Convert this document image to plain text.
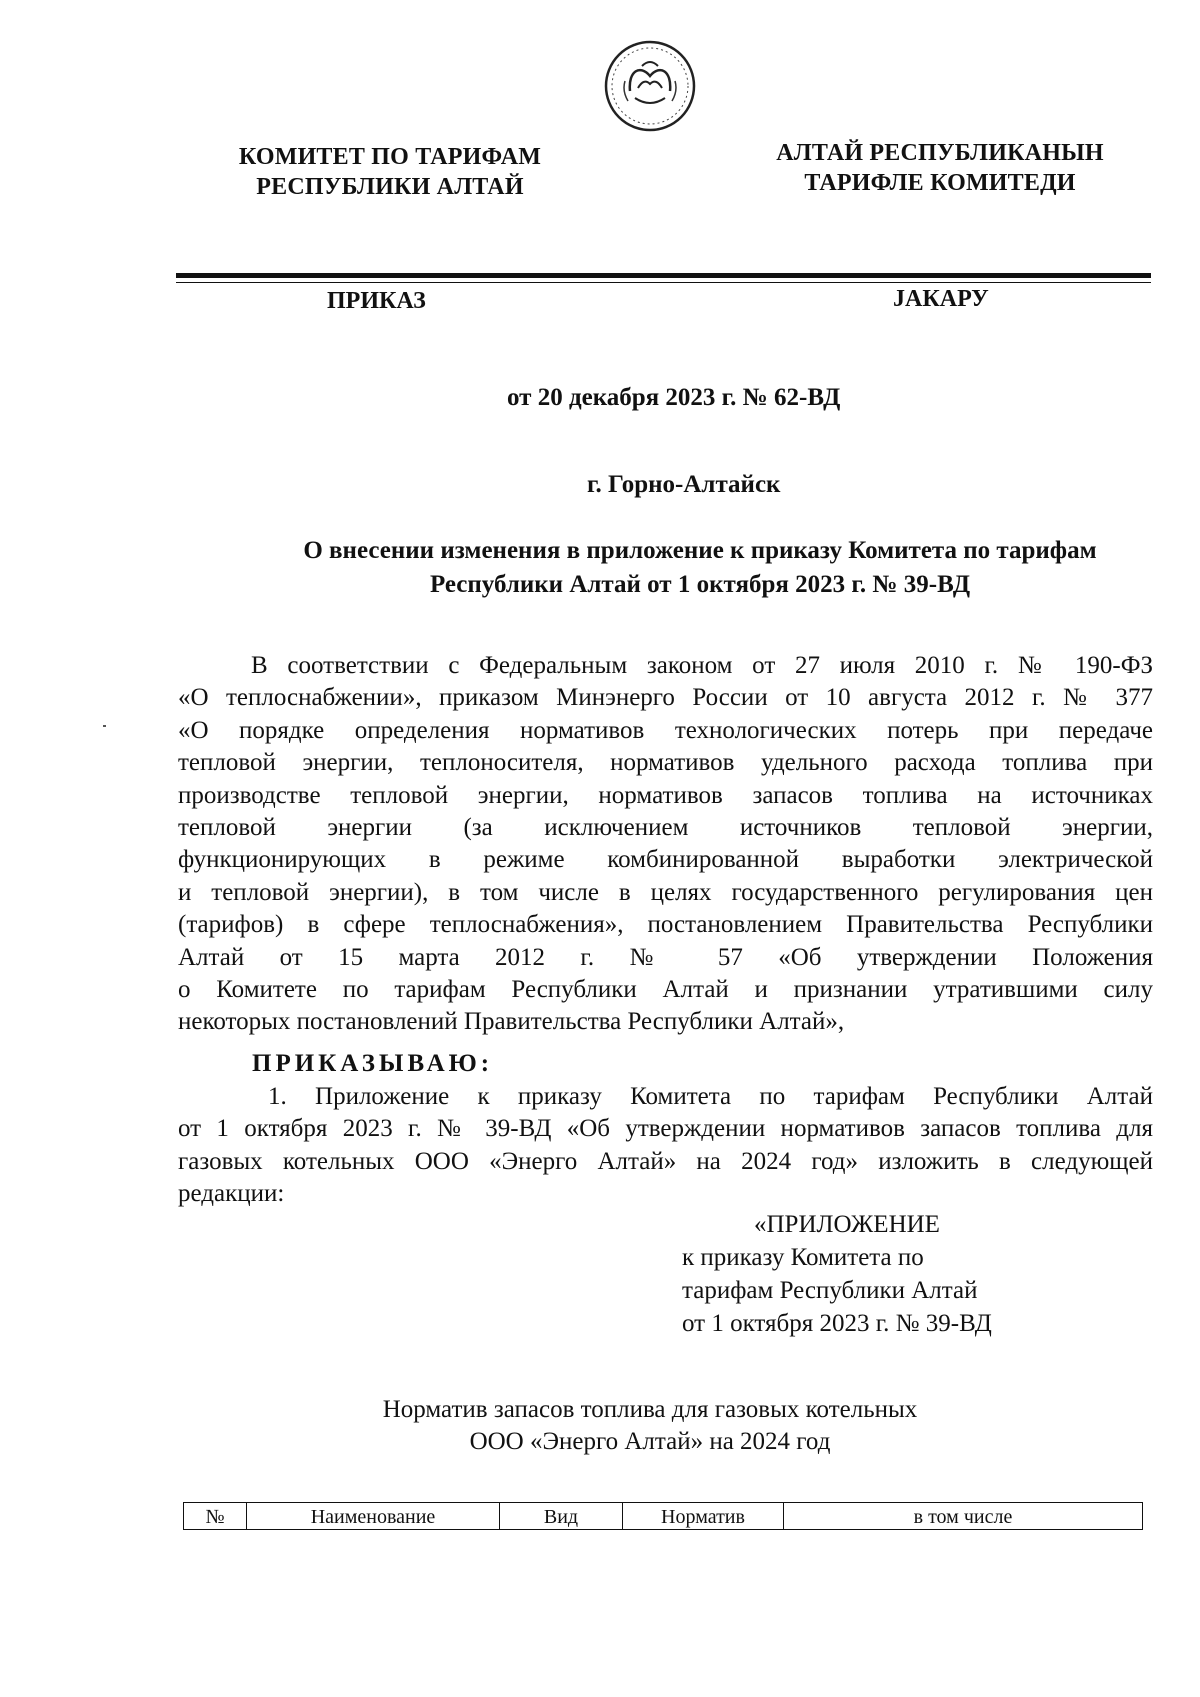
КОМИТЕТ ПО ТАРИФАМ
РЕСПУБЛИКИ АЛТАЙ
АЛТАЙ РЕСПУБЛИКАНЫН
ТАРИФЛЕ КОМИТЕДИ
ПРИКАЗ	JАКАРУ
от 20 декабря 2023 г. № 62-ВД
г. Горно-Алтайск
О внесении изменения в приложение к приказу Комитета по тарифам
Республики Алтай от 1 октября 2023 г. № 39-ВД
В соответствии с Федеральным законом от 27 июля 2010 г. № 190-ФЗ
«О теплоснабжении», приказом Минэнерго России от 10 августа 2012 г. № 377
«О порядке определения нормативов технологических потерь при передаче
тепловой энергии, теплоносителя, нормативов удельного расхода топлива при
производстве тепловой энергии, нормативов запасов топлива на источниках
тепловой энергии (за исключением источников тепловой энергии,
функционирующих в режиме комбинированной выработки электрической
и тепловой энергии), в том числе в целях государственного регулирования цен
(тарифов) в сфере теплоснабжения», постановлением Правительства Республики
Алтай от 15 марта 2012 г. № 57 «Об утверждении Положения
о Комитете по тарифам Республики Алтай и признании утратившими силу
некоторых постановлений Правительства Республики Алтай»,
ПРИКАЗЫВАЮ:
1. Приложение к приказу Комитета по тарифам Республики Алтай
от 1 октября 2023 г. № 39-ВД «Об утверждении нормативов запасов топлива для
газовых котельных ООО «Энерго Алтай» на 2024 год» изложить в следующей
редакции:
«ПРИЛОЖЕНИЕ
к приказу Комитета по
тарифам Республики Алтай
от 1 октября 2023 г. № 39-ВД
Норматив запасов топлива для газовых котельных
ООО «Энерго Алтай» на 2024 год
№	Наименование	Вид	Норматив	в том числе
